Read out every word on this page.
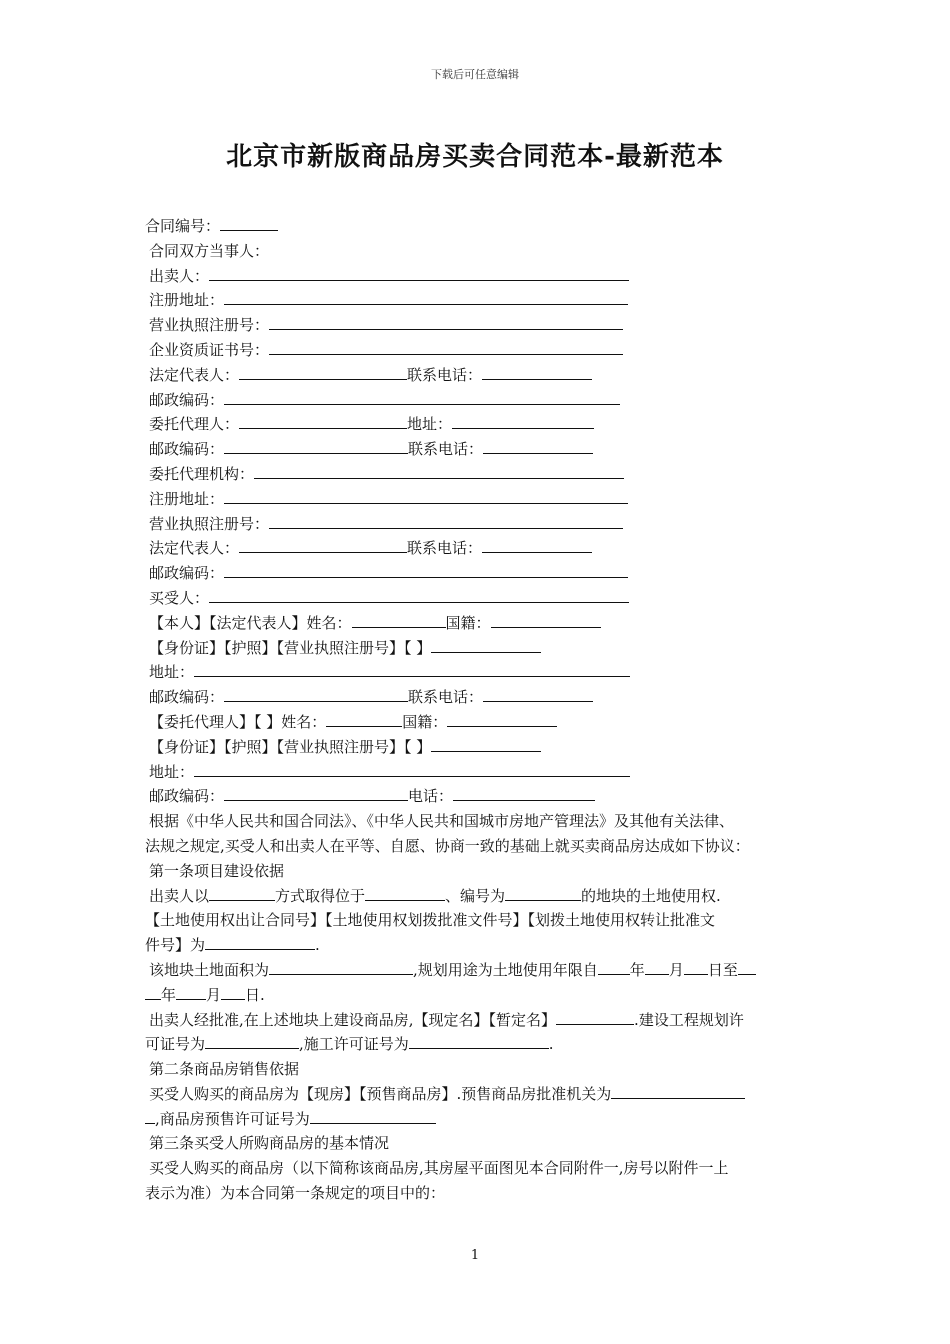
下载后可任意编辑
北京市新版商品房买卖合同范本-最新范本
合同编号：
合同双方当事人：
出卖人：
注册地址：
营业执照注册号：
企业资质证书号：
法定代表人：	联系电话：
邮政编码：
委托代理人：	地址：
邮政编码：	联系电话：
委托代理机构：
注册地址：
营业执照注册号：
法定代表人：	联系电话：
邮政编码：
买受人：
【本人】【法定代表人】姓名：	国籍：
【身份证】【护照】【营业执照注册号】【 】
地址：
邮政编码：	联系电话：
【委托代理人】【 】姓名：	国籍：
【身份证】【护照】【营业执照注册号】【 】
地址：
邮政编码：	电话：
根据《中华人民共和国合同法》、《中华人民共和国城市房地产管理法》及其他有关法律、
法规之规定,买受人和出卖人在平等、自愿、协商一致的基础上就买卖商品房达成如下协议：
第一条项目建设依据
出卖人以	方式取得位于	、编号为	的地块的土地使用权.
【土地使用权出让合同号】【土地使用权划拨批准文件号】【划拨土地使用权转让批准文
件号】为	.
该地块土地面积为	,规划用途为土地使用年限自 年 月 日至
年 月 日.
出卖人经批准,在上述地块上建设商品房,【现定名】【暂定名】	.建设工程规划许
可证号为	,施工许可证号为	.
第二条商品房销售依据
买受人购买的商品房为【现房】【预售商品房】.预售商品房批准机关为
,商品房预售许可证号为
第三条买受人所购商品房的基本情况
买受人购买的商品房（以下简称该商品房,其房屋平面图见本合同附件一,房号以附件一上
表示为准）为本合同第一条规定的项目中的：
1
